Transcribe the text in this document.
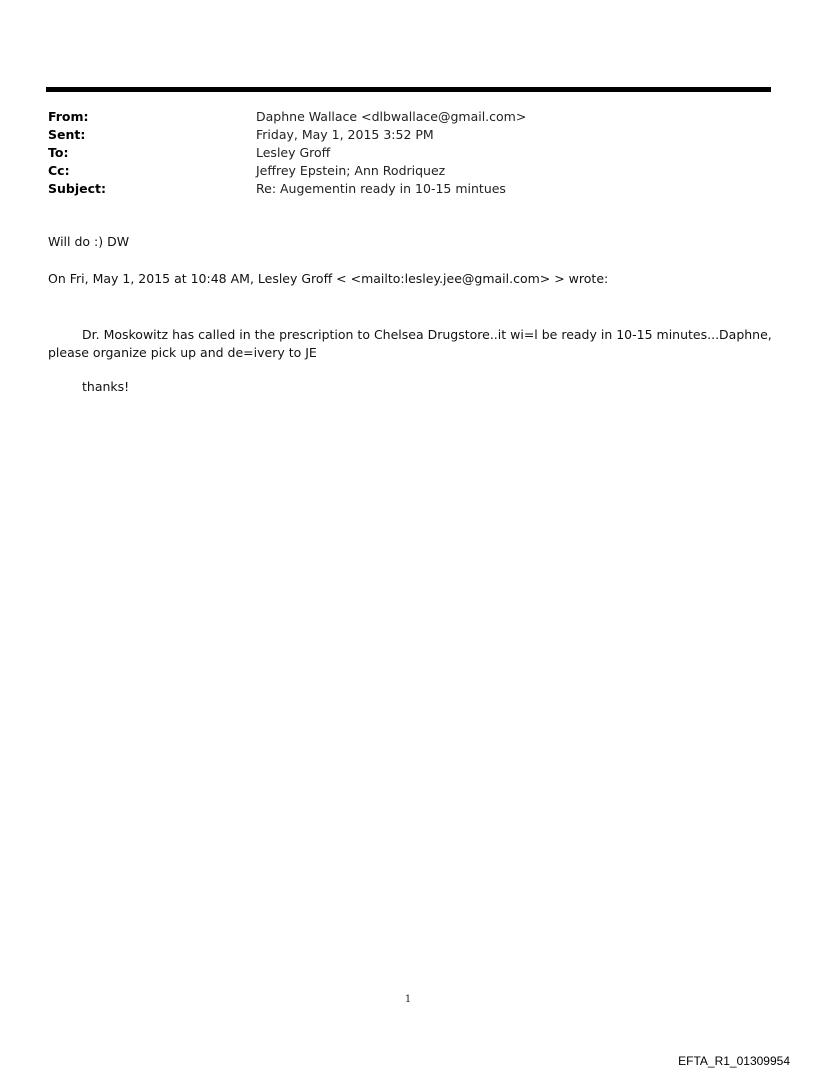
From:	Daphne Wallace <dlbwallace@gmail.com>
Sent:	Friday, May 1, 2015 3:52 PM
To:	Lesley Groff
Cc:	Jeffrey Epstein; Ann Rodriquez
Subject:	Re: Augementin ready in 10-15 mintues
Will do :) DW
On Fri, May 1, 2015 at 10:48 AM, Lesley Groff < <mailto:lesley.jee@gmail.com> > wrote:
Dr. Moskowitz has called in the prescription to Chelsea Drugstore..it wi=l be ready in 10-15 minutes...Daphne, please organize pick up and de=ivery to JE
thanks!
1
EFTA_R1_01309954
